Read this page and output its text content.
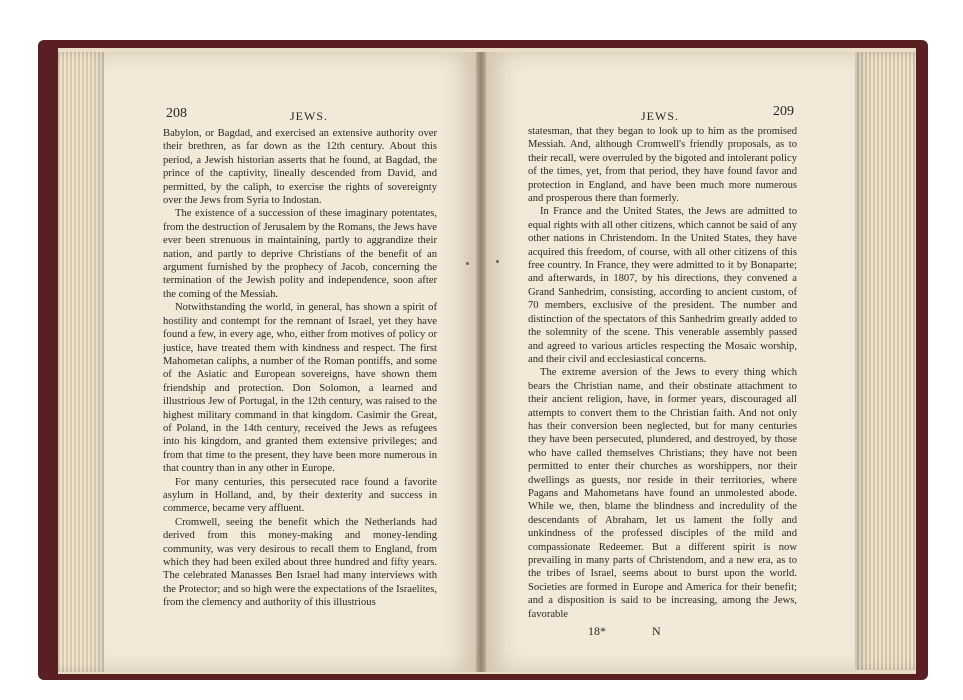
208	JEWS.

Babylon, or Bagdad, and exercised an extensive authority over their brethren, as far down as the 12th century. About this period, a Jewish historian asserts that he found, at Bagdad, the prince of the captivity, lineally descended from David, and permitted, by the caliph, to exercise the rights of sovereignty over the Jews from Syria to Indostan.

The existence of a succession of these imaginary potentates, from the destruction of Jerusalem by the Romans, the Jews have ever been strenuous in maintaining, partly to aggrandize their nation, and partly to deprive Christians of the benefit of an argument furnished by the prophecy of Jacob, concerning the termination of the Jewish polity and independence, soon after the coming of the Messiah.

Notwithstanding the world, in general, has shown a spirit of hostility and contempt for the remnant of Israel, yet they have found a few, in every age, who, either from motives of policy or justice, have treated them with kindness and respect. The first Mahometan caliphs, a number of the Roman pontiffs, and some of the Asiatic and European sovereigns, have shown them friendship and protection. Don Solomon, a learned and illustrious Jew of Portugal, in the 12th century, was raised to the highest military command in that kingdom. Casimir the Great, of Poland, in the 14th century, received the Jews as refugees into his kingdom, and granted them extensive privileges; and from that time to the present, they have been more numerous in that country than in any other in Europe.

For many centuries, this persecuted race found a favorite asylum in Holland, and, by their dexterity and success in commerce, became very affluent.

Cromwell, seeing the benefit which the Netherlands had derived from this money-making and money-lending community, was very desirous to recall them to England, from which they had been exiled about three hundred and fifty years. The celebrated Manasses Ben Israel had many interviews with the Protector; and so high were the expectations of the Israelites, from the clemency and authority of this illustrious

JEWS.	209

statesman, that they began to look up to him as the promised Messiah. And, although Cromwell's friendly proposals, as to their recall, were overruled by the bigoted and intolerant policy of the times, yet, from that period, they have found favor and protection in England, and have been much more numerous and prosperous there than formerly.

In France and the United States, the Jews are admitted to equal rights with all other citizens, which cannot be said of any other nations in Christendom. In the United States, they have acquired this freedom, of course, with all other citizens of this free country. In France, they were admitted to it by Bonaparte; and afterwards, in 1807, by his directions, they convened a Grand Sanhedrim, consisting, according to ancient custom, of 70 members, exclusive of the president. The number and distinction of the spectators of this Sanhedrim greatly added to the solemnity of the scene. This venerable assembly passed and agreed to various articles respecting the Mosaic worship, and their civil and ecclesiastical concerns.

The extreme aversion of the Jews to every thing which bears the Christian name, and their obstinate attachment to their ancient religion, have, in former years, discouraged all attempts to convert them to the Christian faith. And not only has their conversion been neglected, but for many centuries they have been persecuted, plundered, and destroyed, by those who have called themselves Christians; they have not been permitted to enter their churches as worshippers, nor their dwellings as guests, nor reside in their territories, where Pagans and Mahometans have found an unmolested abode. While we, then, blame the blindness and incredulity of the descendants of Abraham, let us lament the folly and unkindness of the professed disciples of the mild and compassionate Redeemer. But a different spirit is now prevailing in many parts of Christendom, and a new era, as to the tribes of Israel, seems about to burst upon the world. Societies are formed in Europe and America for their benefit; and a disposition is said to be increasing, among the Jews, favorable

18*	N
